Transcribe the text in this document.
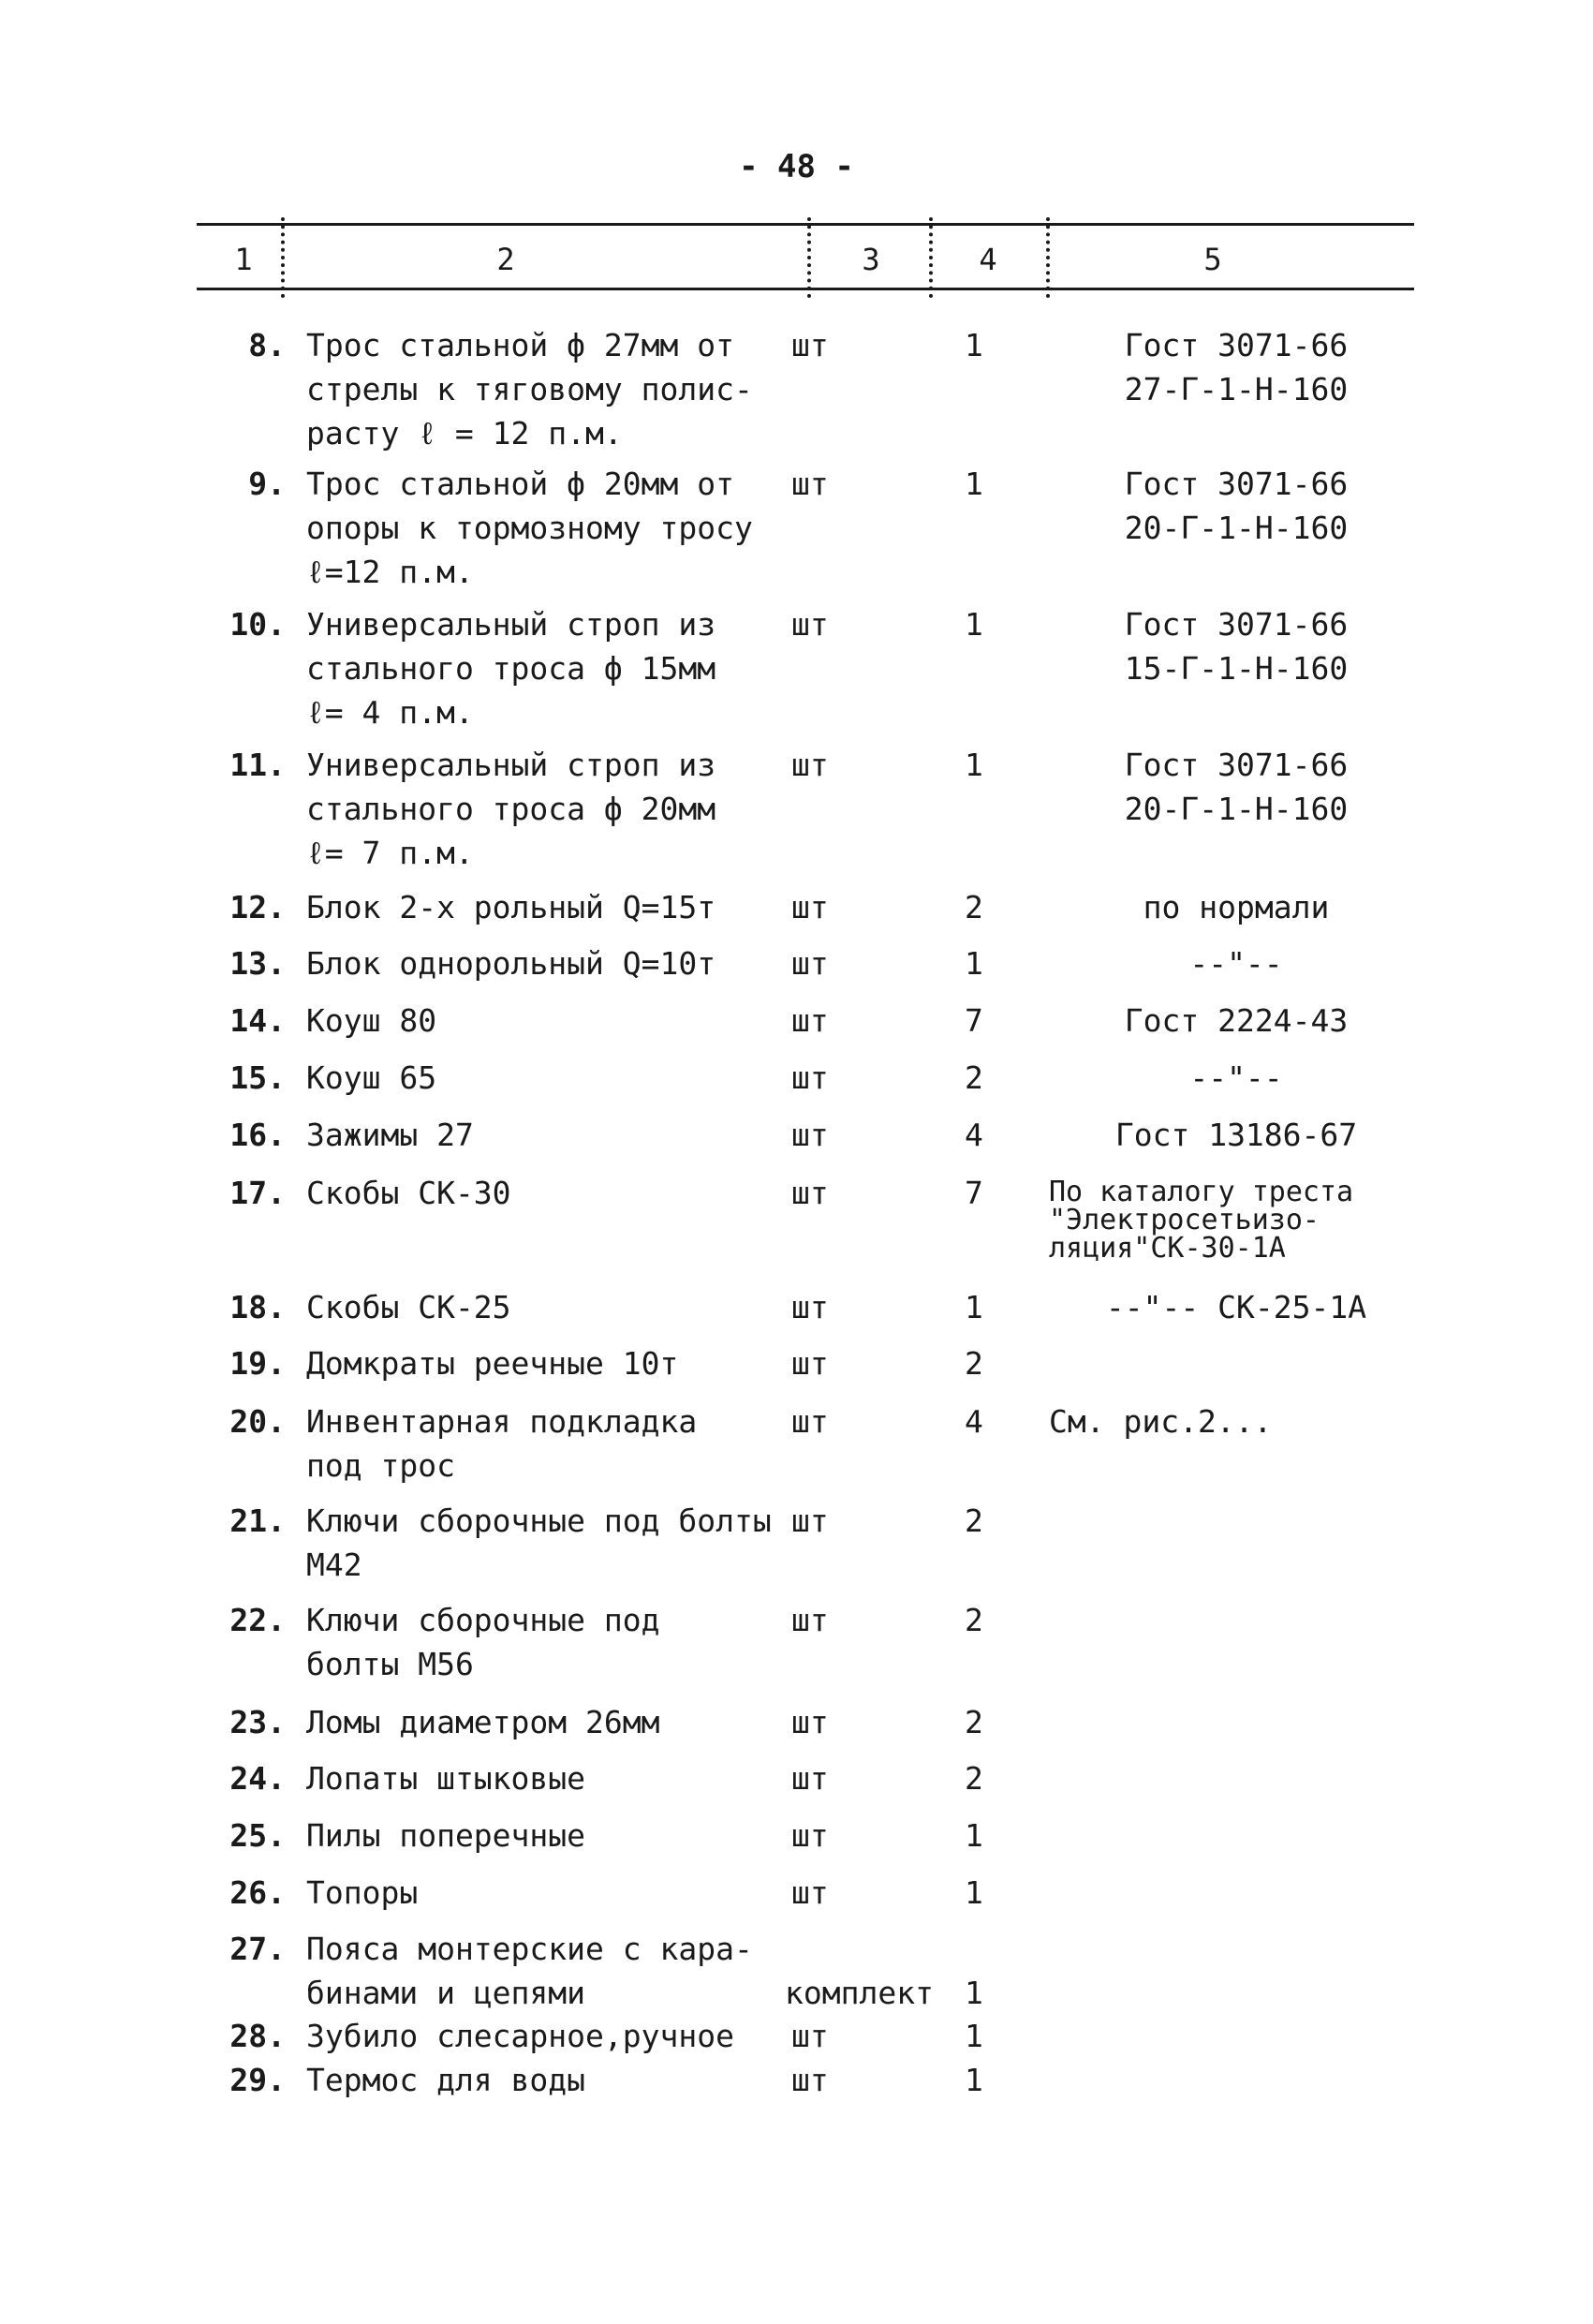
- 48 -
1	2	3	4	5
8. Трос стальной ф 27мм от
стрелы к тяговому полис-
pасту ℓ = 12 п.м.
шт	1	Гост 3071-66
27-Г-1-Н-160
9. Трос стальной ф 20мм от
опоры к тормозному тросу
ℓ=12 п.м.
шт	1	Гост 3071-66
20-Г-1-Н-160
10. Универсальный строп из
стального троса ф 15мм
ℓ= 4 п.м.
шт	1	Гост 3071-66
15-Г-1-Н-160
11. Универсальный строп из
стального троса ф 20мм
ℓ= 7 п.м.
шт	1	Гост 3071-66
20-Г-1-Н-160
12. Блок 2-х рольный Q=15т	шт	2	по нормали
13. Блок однорольный Q=10т	шт	1	--"--
14. Коуш 80	шт	7	Гост 2224-43
15. Коуш 65	шт	2	--"--
16. Зажимы 27	шт	4	Гост 13186-67
17. Скобы СК-30	шт	7	По каталогу треста
"Электросетьизо-
ляция"СК-30-1А
18. Скобы СК-25	шт	1	--"-- СК-25-1А
19. Домкраты реечные 10т	шт	2
20. Инвентарная подкладка
под трос
шт	4	См. рис.2...
21. Ключи сборочные под болты
М42
шт	2
22. Ключи сборочные под
болты М56
шт	2
23. Ломы диаметром 26мм	шт	2
24. Лопаты штыковые	шт	2
25. Пилы поперечные	шт	1
26. Топоры	шт	1
27. Пояса монтерские с кара-
бинами и цепями	комплект	1
28. Зубило слесарное,ручное	шт	1
29. Термос для воды	шт	1
